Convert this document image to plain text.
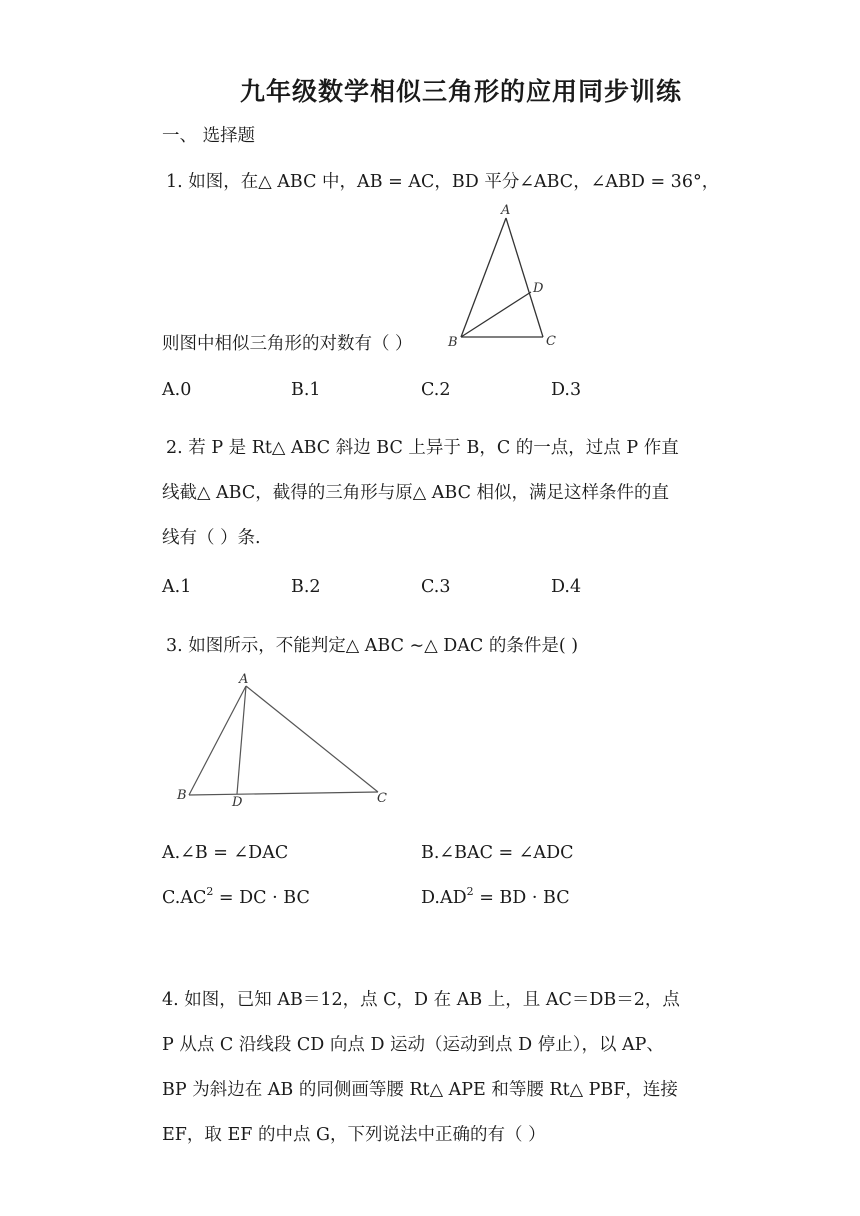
九年级数学相似三角形的应用同步训练
一、 选择题
1. 如图，在△ ABC 中，AB = AC，BD 平分∠ABC，∠ABD = 36°，
A
B	C
D
则图中相似三角形的对数有（ ）
A.0	B.1	C.2	D.3
2. 若 P 是 Rt△ ABC 斜边 BC 上异于 B，C 的一点，过点 P 作直
线截△ ABC，截得的三角形与原△ ABC 相似，满足这样条件的直
线有（ ）条.
A.1	B.2	C.3	D.4
3. 如图所示，不能判定△ ABC ∼△ DAC 的条件是( )
A
B	C
D
A.∠B = ∠DAC	B.∠BAC = ∠ADC
$C.AC^2$ = DC · BC	$D.AD^2$ = BD · BC
4. 如图，已知 AB＝12，点 C，D 在 AB 上，且 AC＝DB＝2，点
P 从点 C 沿线段 CD 向点 D 运动（运动到点 D 停止），以 AP、
BP 为斜边在 AB 的同侧画等腰 Rt△ APE 和等腰 Rt△ PBF，连接
EF，取 EF 的中点 G，下列说法中正确的有（ ）
